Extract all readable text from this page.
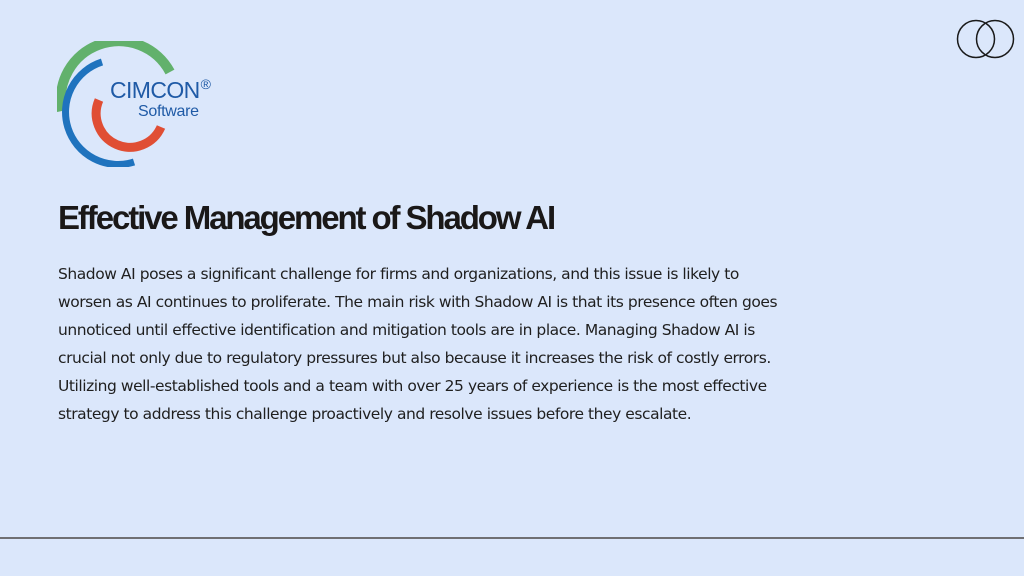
CIMCON®
Software
Effective Management of Shadow AI

Shadow AI poses a significant challenge for firms and organizations, and this issue is likely to worsen as AI continues to proliferate. The main risk with Shadow AI is that its presence often goes unnoticed until effective identification and mitigation tools are in place. Managing Shadow AI is crucial not only due to regulatory pressures but also because it increases the risk of costly errors. Utilizing well-established tools and a team with over 25 years of experience is the most effective strategy to address this challenge proactively and resolve issues before they escalate.
